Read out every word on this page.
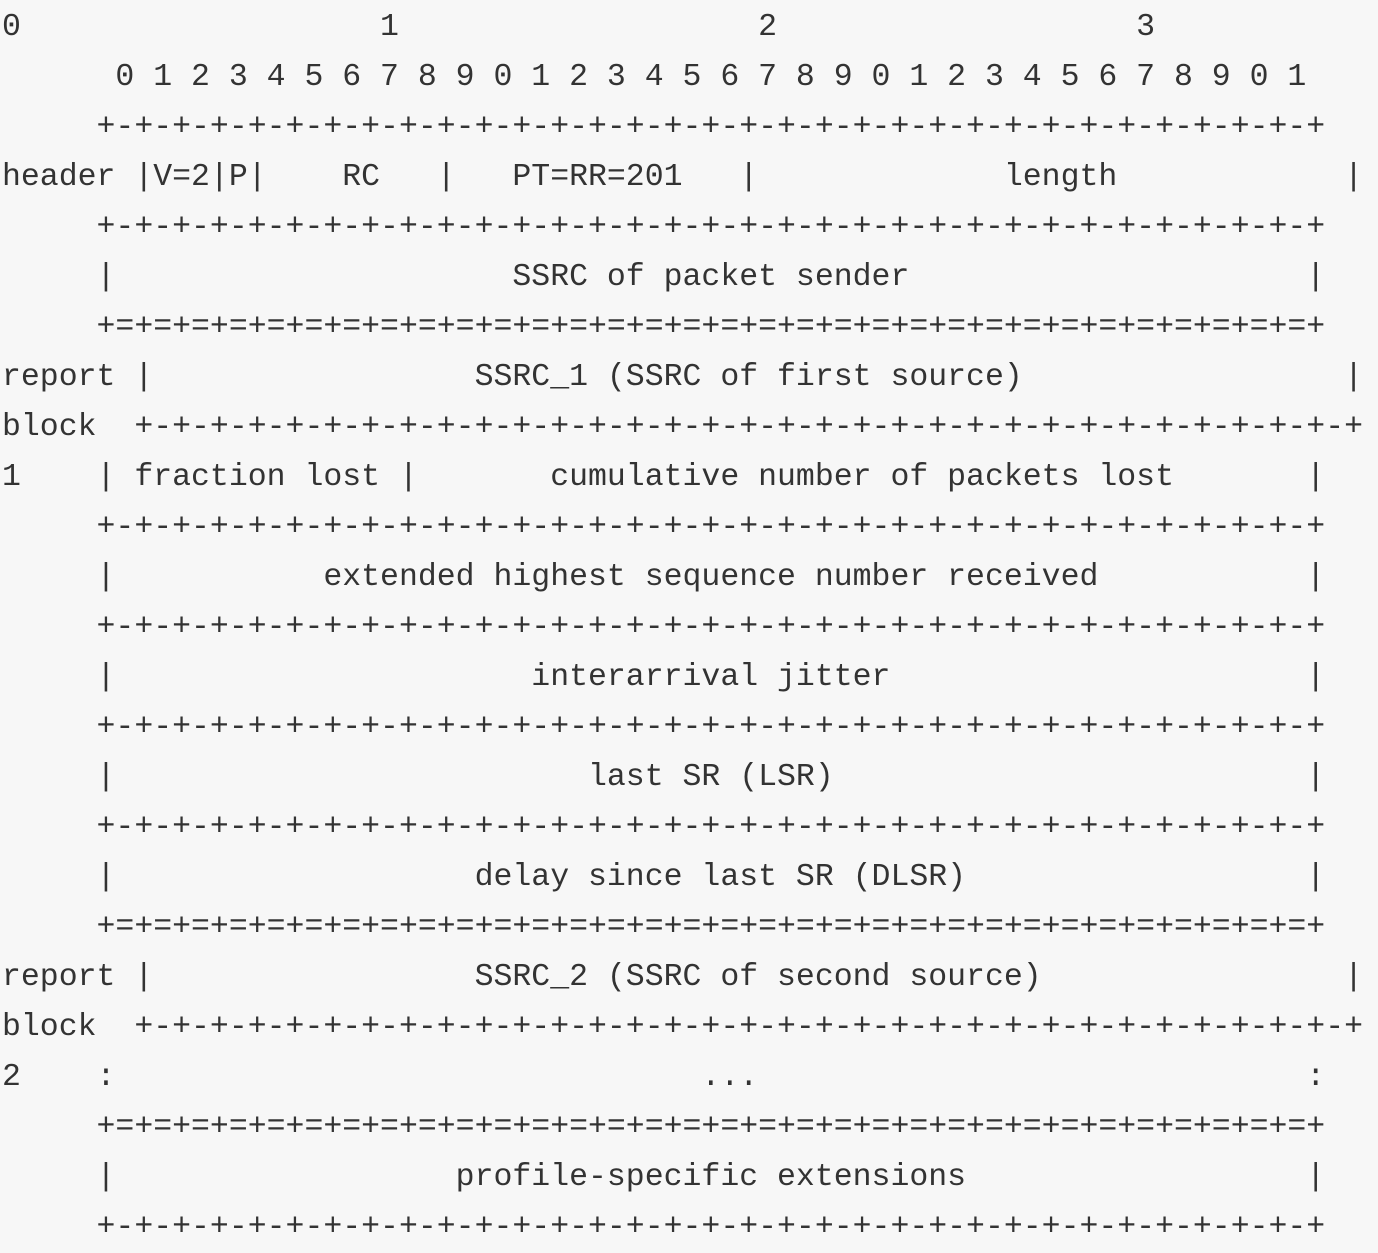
0                   1                   2                   3
0 1 2 3 4 5 6 7 8 9 0 1 2 3 4 5 6 7 8 9 0 1 2 3 4 5 6 7 8 9 0 1
+-+-+-+-+-+-+-+-+-+-+-+-+-+-+-+-+-+-+-+-+-+-+-+-+-+-+-+-+-+-+-+-+
header |V=2|P|    RC   |   PT=RR=201   |             length            |
+-+-+-+-+-+-+-+-+-+-+-+-+-+-+-+-+-+-+-+-+-+-+-+-+-+-+-+-+-+-+-+-+
|                     SSRC of packet sender                     |
+=+=+=+=+=+=+=+=+=+=+=+=+=+=+=+=+=+=+=+=+=+=+=+=+=+=+=+=+=+=+=+=+
report |                 SSRC_1 (SSRC of first source)                 |
block  +-+-+-+-+-+-+-+-+-+-+-+-+-+-+-+-+-+-+-+-+-+-+-+-+-+-+-+-+-+-+-+-+
1    | fraction lost |       cumulative number of packets lost       |
+-+-+-+-+-+-+-+-+-+-+-+-+-+-+-+-+-+-+-+-+-+-+-+-+-+-+-+-+-+-+-+-+
|           extended highest sequence number received           |
+-+-+-+-+-+-+-+-+-+-+-+-+-+-+-+-+-+-+-+-+-+-+-+-+-+-+-+-+-+-+-+-+
|                      interarrival jitter                      |
+-+-+-+-+-+-+-+-+-+-+-+-+-+-+-+-+-+-+-+-+-+-+-+-+-+-+-+-+-+-+-+-+
|                         last SR (LSR)                         |
+-+-+-+-+-+-+-+-+-+-+-+-+-+-+-+-+-+-+-+-+-+-+-+-+-+-+-+-+-+-+-+-+
|                   delay since last SR (DLSR)                  |
+=+=+=+=+=+=+=+=+=+=+=+=+=+=+=+=+=+=+=+=+=+=+=+=+=+=+=+=+=+=+=+=+
report |                 SSRC_2 (SSRC of second source)                |
block  +-+-+-+-+-+-+-+-+-+-+-+-+-+-+-+-+-+-+-+-+-+-+-+-+-+-+-+-+-+-+-+-+
2    :                               ...                             :
+=+=+=+=+=+=+=+=+=+=+=+=+=+=+=+=+=+=+=+=+=+=+=+=+=+=+=+=+=+=+=+=+
|                  profile-specific extensions                  |
+-+-+-+-+-+-+-+-+-+-+-+-+-+-+-+-+-+-+-+-+-+-+-+-+-+-+-+-+-+-+-+-+
